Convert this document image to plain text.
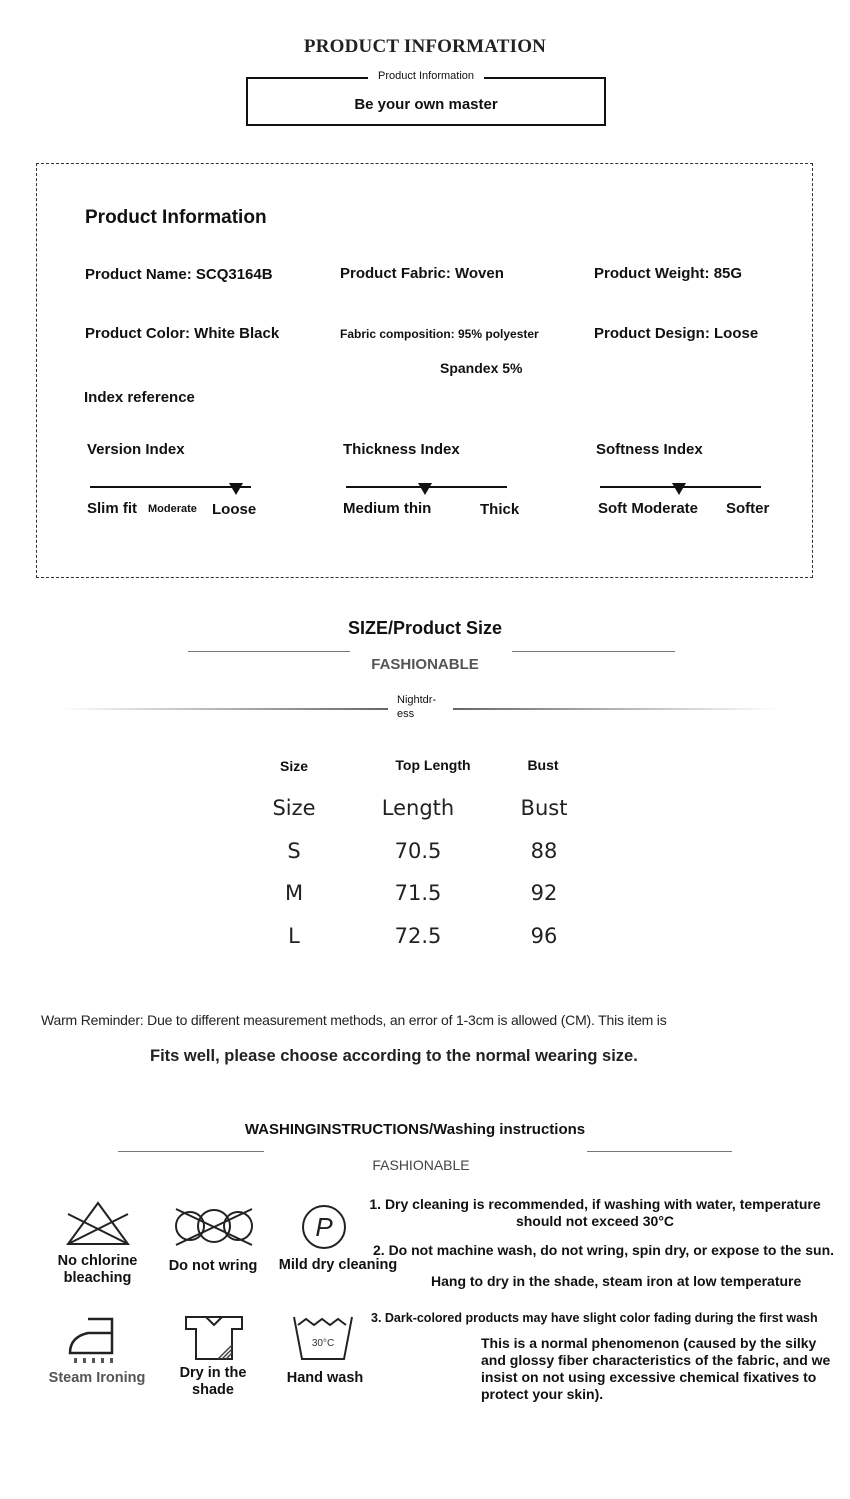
PRODUCT INFORMATION
Product Information
Be your own master
Product Information
Product Name: SCQ3164B	Product Fabric: Woven	Product Weight: 85G
Product Color: White Black	Fabric composition: 95% polyester
Spandex 5%
Product Design: Loose
Index reference
Version Index
Slim fit Moderate Loose
Thickness Index
Medium thin	Thick
Softness Index
Soft Moderate Softer
SIZE/Product Size
FASHIONABLE
Nightdr-
ess
Size	Top Length	Bust
Size	Length	Bust
S	70.5	88
M	71.5	92
L	72.5	96
Warm Reminder: Due to different measurement methods, an error of 1-3cm is allowed (CM). This item is
Fits well, please choose according to the normal wearing size.
WASHINGINSTRUCTIONS/Washing instructions
FASHIONABLE
No chlorine
bleaching
Do not wring
P
Mild dry cleaning
Steam Ironing	Dry in the
shade
30°C
Hand wash
1. Dry cleaning is recommended, if washing with water, temperature
should not exceed 30°C
2. Do not machine wash, do not wring, spin dry, or expose to the sun.
Hang to dry in the shade, steam iron at low temperature
3. Dark-colored products may have slight color fading during the first wash
This is a normal phenomenon (caused by the silky and glossy fiber characteristics of the fabric, and we insist on not using excessive chemical fixatives to protect your skin).
